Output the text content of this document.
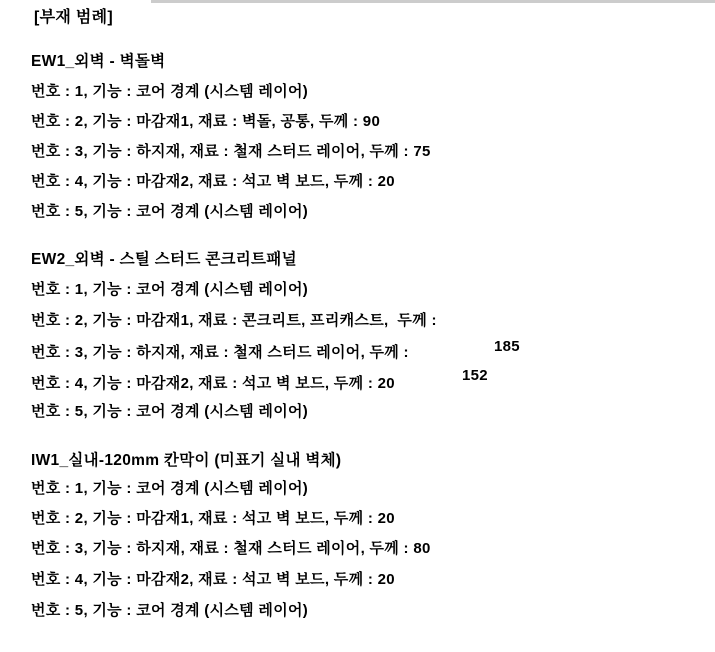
[부재 범례]
EW1_외벽 - 벽돌벽
번호 : 1, 기능 : 코어 경계 (시스템 레이어)
번호 : 2, 기능 : 마감재1, 재료 : 벽돌, 공통, 두께 : 90
번호 : 3, 기능 : 하지재, 재료 : 철재 스터드 레이어, 두께 : 75
번호 : 4, 기능 : 마감재2, 재료 : 석고 벽 보드, 두께 : 20
번호 : 5, 기능 : 코어 경계 (시스템 레이어)
EW2_외벽 - 스틸 스터드 콘크리트패널
번호 : 1, 기능 : 코어 경계 (시스템 레이어)
번호 : 2, 기능 : 마감재1, 재료 : 콘크리트, 프리캐스트,  두께 :
번호 : 3, 기능 : 하지재, 재료 : 철재 스터드 레이어, 두께 :
번호 : 4, 기능 : 마감재2, 재료 : 석고 벽 보드, 두께 : 20
번호 : 5, 기능 : 코어 경계 (시스템 레이어)
185
152
IW1_실내-120mm 칸막이 (미표기 실내 벽체)
번호 : 1, 기능 : 코어 경계 (시스템 레이어)
번호 : 2, 기능 : 마감재1, 재료 : 석고 벽 보드, 두께 : 20
번호 : 3, 기능 : 하지재, 재료 : 철재 스터드 레이어, 두께 : 80
번호 : 4, 기능 : 마감재2, 재료 : 석고 벽 보드, 두께 : 20
번호 : 5, 기능 : 코어 경계 (시스템 레이어)
